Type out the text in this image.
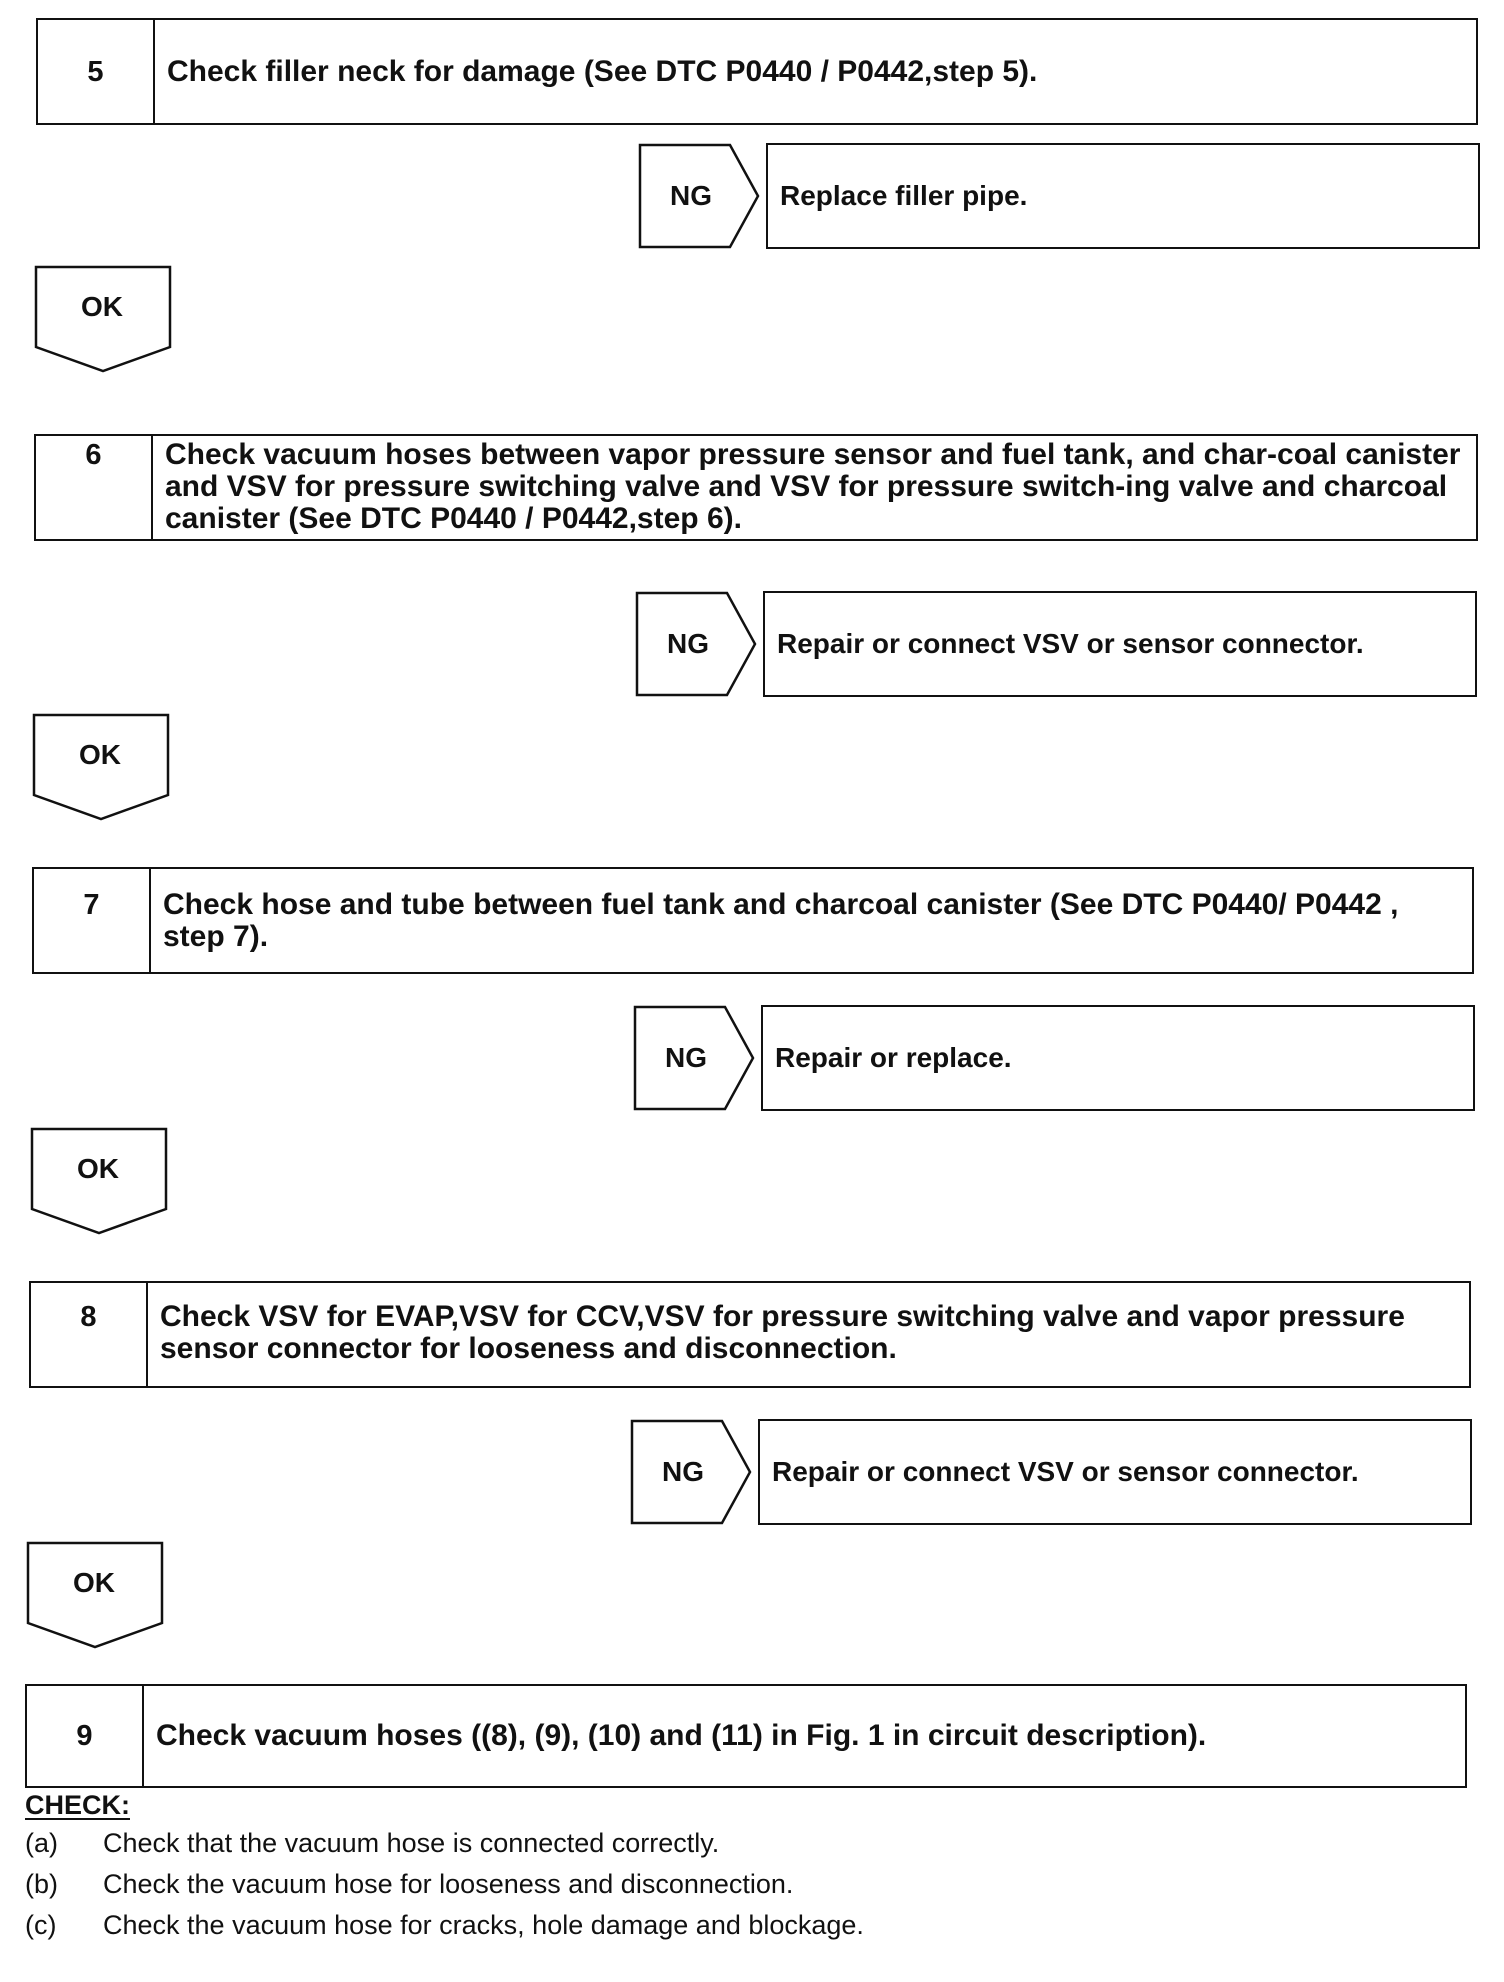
5	Check filler neck for damage (See DTC P0440 / P0442,step 5).
NG	Replace filler pipe.
OK
6	Check vacuum hoses between vapor pressure sensor and fuel tank, and char-coal canister and VSV for pressure switching valve and VSV for pressure switch-ing valve and charcoal canister (See DTC P0440 / P0442,step 6).
NG	Repair or connect VSV or sensor connector.
OK
7	Check hose and tube between fuel tank and charcoal canister (See DTC P0440/ P0442 , step 7).
NG	Repair or replace.
OK
8	Check VSV for EVAP,VSV for CCV,VSV for pressure switching valve and vapor pressure sensor connector for looseness and disconnection.
NG	Repair or connect VSV or sensor connector.
OK
9	Check vacuum hoses ((8), (9), (10) and (11) in Fig. 1 in circuit description).
CHECK:
(a)	Check that the vacuum hose is connected correctly.
(b)	Check the vacuum hose for looseness and disconnection.
(c)	Check the vacuum hose for cracks, hole damage and blockage.
